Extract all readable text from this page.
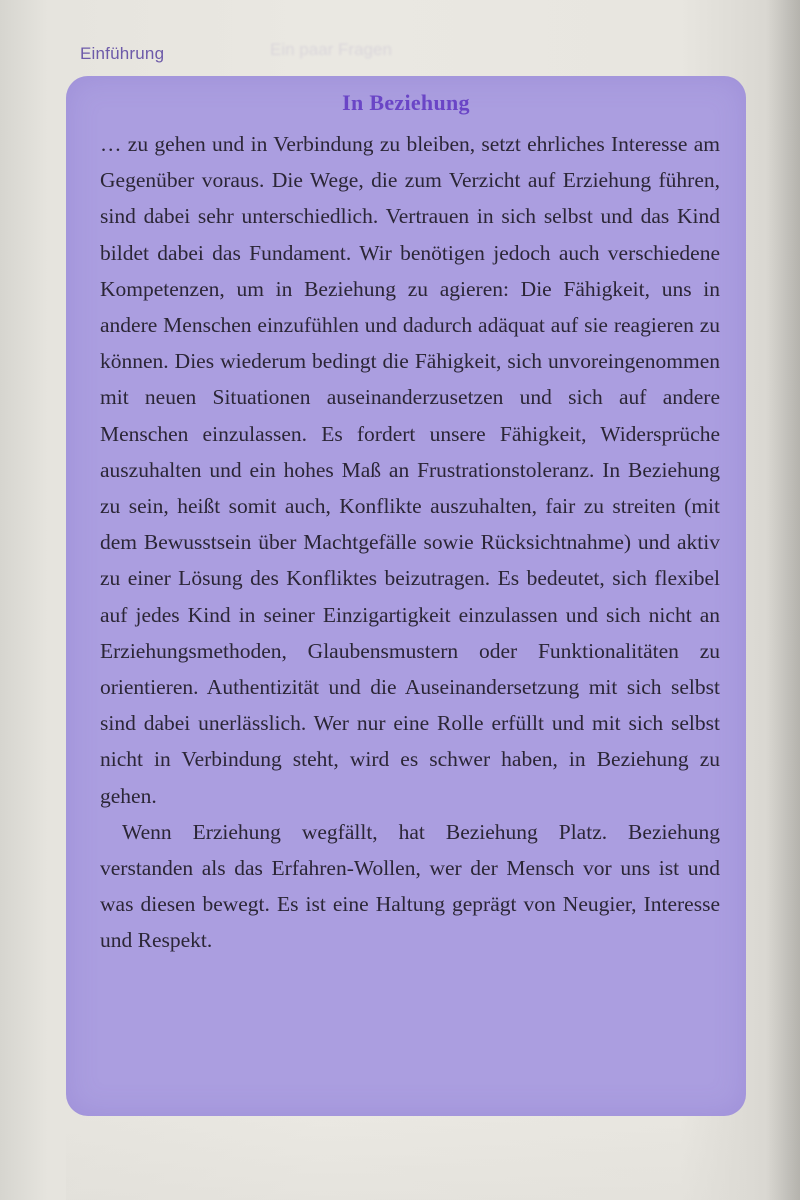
Einführung	Ein paar Fragen
In Beziehung

… zu gehen und in Verbindung zu bleiben, setzt ehrliches Interesse am Gegenüber voraus. Die Wege, die zum Verzicht auf Erziehung führen, sind dabei sehr unterschiedlich. Vertrauen in sich selbst und das Kind bildet dabei das Fundament. Wir benötigen jedoch auch verschiedene Kompetenzen, um in Beziehung zu agieren: Die Fähigkeit, uns in andere Menschen einzufühlen und dadurch adäquat auf sie reagieren zu können. Dies wiederum bedingt die Fähigkeit, sich unvoreingenommen mit neuen Situationen auseinanderzusetzen und sich auf andere Menschen einzulassen. Es fordert unsere Fähigkeit, Widersprüche auszuhalten und ein hohes Maß an Frustrationstoleranz. In Beziehung zu sein, heißt somit auch, Konflikte auszuhalten, fair zu streiten (mit dem Bewusstsein über Machtgefälle sowie Rücksichtnahme) und aktiv zu einer Lösung des Konfliktes beizutragen. Es bedeutet, sich flexibel auf jedes Kind in seiner Einzigartigkeit einzulassen und sich nicht an Erziehungsmethoden, Glaubensmustern oder Funktionalitäten zu orientieren. Authentizität und die Auseinandersetzung mit sich selbst sind dabei unerlässlich. Wer nur eine Rolle erfüllt und mit sich selbst nicht in Verbindung steht, wird es schwer haben, in Beziehung zu gehen.

Wenn Erziehung wegfällt, hat Beziehung Platz. Beziehung verstanden als das Erfahren-Wollen, wer der Mensch vor uns ist und was diesen bewegt. Es ist eine Haltung geprägt von Neugier, Interesse und Respekt.
